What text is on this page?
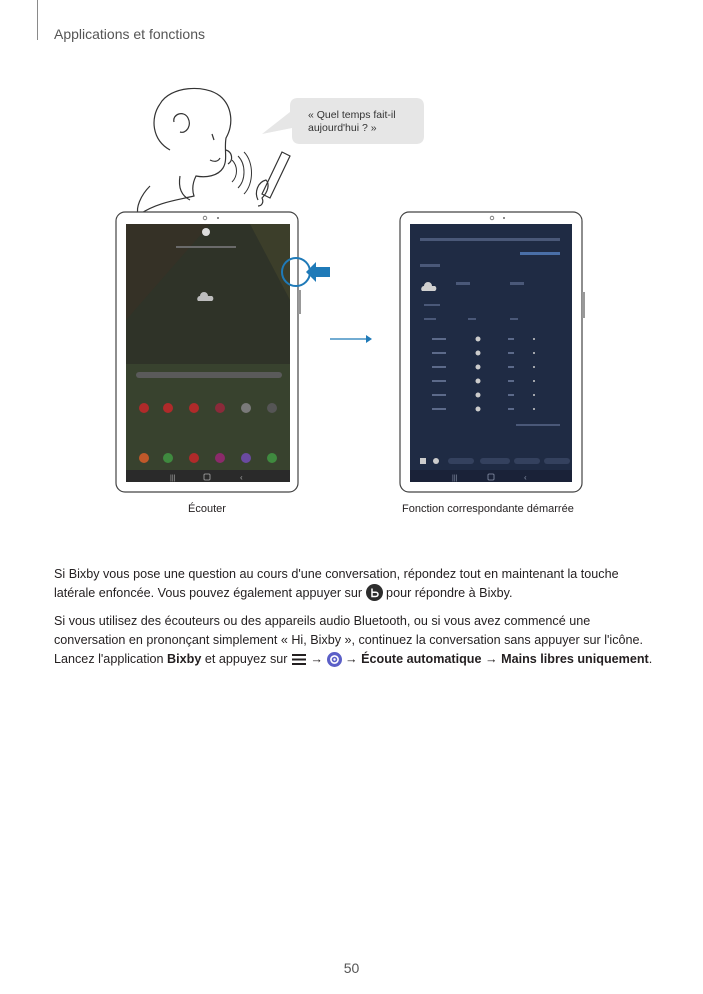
Applications et fonctions
« Quel temps fait-il
aujourd'hui ? »
|||	‹	|||	‹
Écouter	Fonction correspondante démarrée
Si Bixby vous pose une question au cours d'une conversation, répondez tout en maintenant la touche latérale enfoncée. Vous pouvez également appuyer sur  pour répondre à Bixby.
Si vous utilisez des écouteurs ou des appareils audio Bluetooth, ou si vous avez commencé une conversation en prononçant simplement « Hi, Bixby », continuez la conversation sans appuyer sur l'icône. Lancez l'application Bixby et appuyez sur  →  → Écoute automatique → Mains libres uniquement.
50
